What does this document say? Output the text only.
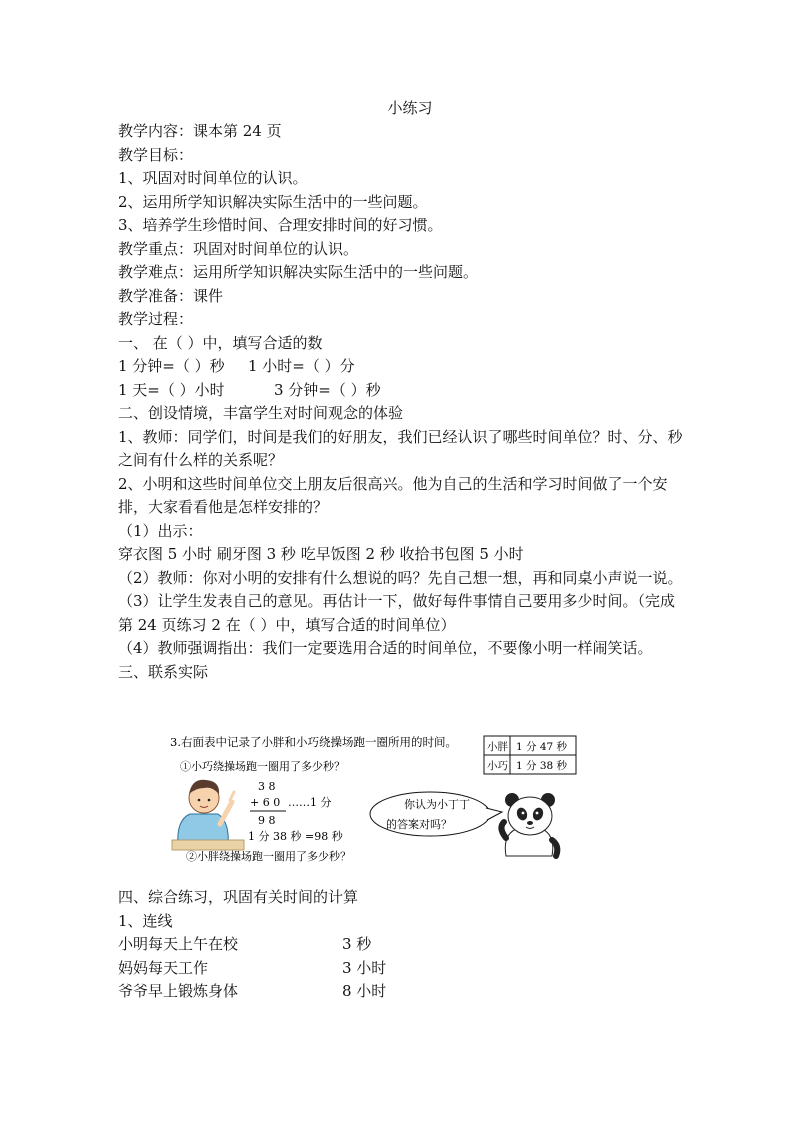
小练习
教学内容：课本第 24 页
教学目标：
1、巩固对时间单位的认识。
2、运用所学知识解决实际生活中的一些问题。
3、培养学生珍惜时间、合理安排时间的好习惯。
教学重点：巩固对时间单位的认识。
教学难点：运用所学知识解决实际生活中的一些问题。
教学准备：课件
教学过程：
一、 在（ ）中，填写合适的数
1 分钟=（ ）秒 1 小时=（ ）分
1 天=（ ）小时	3 分钟=（ ）秒
二、创设情境，丰富学生对时间观念的体验
1、教师：同学们，时间是我们的好朋友，我们已经认识了哪些时间单位？时、分、秒之间有什么样的关系呢？
2、小明和这些时间单位交上朋友后很高兴。他为自己的生活和学习时间做了一个安排，大家看看他是怎样安排的？
（1）出示：
穿衣图 5 小时 刷牙图 3 秒 吃早饭图 2 秒 收拾书包图 5 小时
（2）教师：你对小明的安排有什么想说的吗？先自己想一想，再和同桌小声说一说。
（3）让学生发表自己的意见。再估计一下，做好每件事情自己要用多少时间。（完成第 24 页练习 2 在（ ）中，填写合适的时间单位）
（4）教师强调指出：我们一定要选用合适的时间单位，不要像小明一样闹笑话。
三、联系实际
3.右面表中记录了小胖和小巧绕操场跑一圈所用的时间。
①小巧绕操场跑一圈用了多少秒？
3 8
+ 6 0 ……1 分
9 8
1 分 38 秒 =98 秒
②小胖绕操场跑一圈用了多少秒？
你认为小丁丁
的答案对吗？
小胖 1 分 47 秒
小巧 1 分 38 秒
四、综合练习，巩固有关时间的计算
1、连线
小明每天上午在校	3 秒
妈妈每天工作	3 小时
爷爷早上锻炼身体	8 小时
